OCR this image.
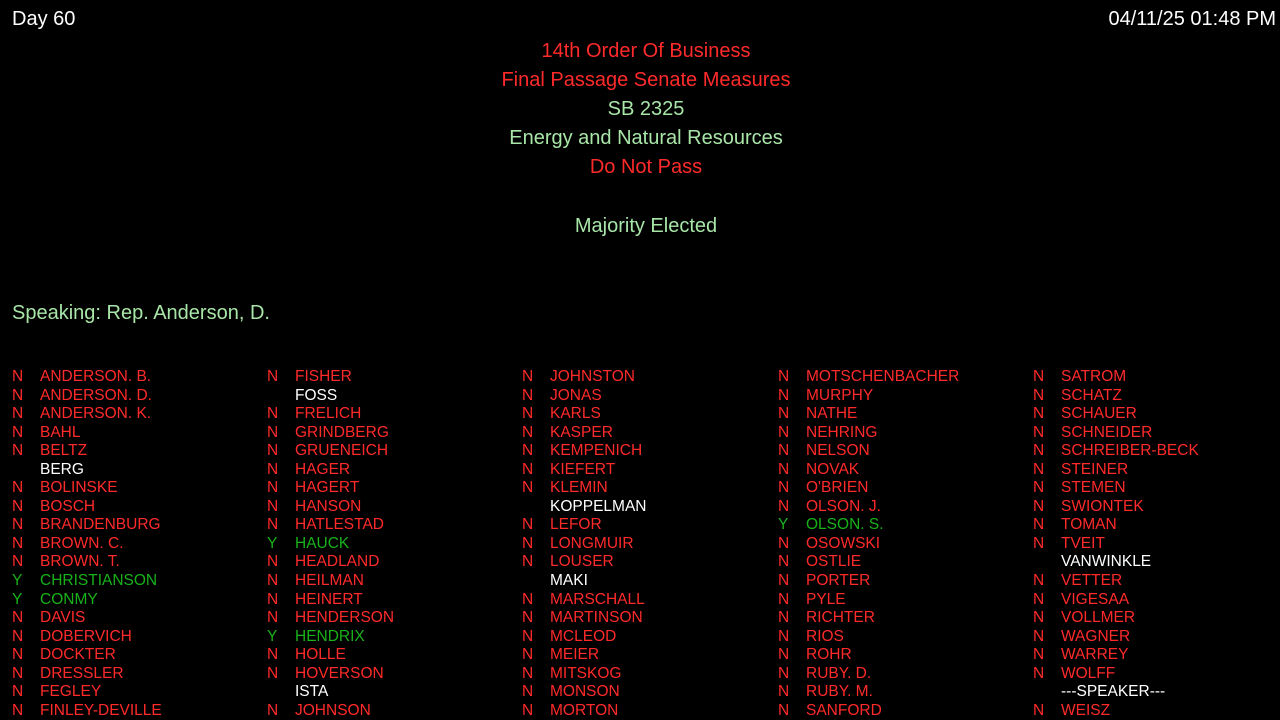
Day 60	04/11/25 01:48 PM
14th Order Of Business
Final Passage Senate Measures
SB 2325
Energy and Natural Resources
Do Not Pass
Majority Elected
Speaking: Rep. Anderson, D.
N ANDERSON. B.
N ANDERSON. D.
N ANDERSON. K.
N BAHL
N BELTZ
BERG
N BOLINSKE
N BOSCH
N BRANDENBURG
N BROWN. C.
N BROWN. T.
Y CHRISTIANSON
Y CONMY
N DAVIS
N DOBERVICH
N DOCKTER
N DRESSLER
N FEGLEY
N FINLEY-DEVILLE
N FISHER
FOSS
N FRELICH
N GRINDBERG
N GRUENEICH
N HAGER
N HAGERT
N HANSON
N HATLESTAD
Y HAUCK
N HEADLAND
N HEILMAN
N HEINERT
N HENDERSON
Y HENDRIX
N HOLLE
N HOVERSON
ISTA
N JOHNSON
N JOHNSTON
N JONAS
N KARLS
N KASPER
N KEMPENICH
N KIEFERT
N KLEMIN
KOPPELMAN
N LEFOR
N LONGMUIR
N LOUSER
MAKI
N MARSCHALL
N MARTINSON
N MCLEOD
N MEIER
N MITSKOG
N MONSON
N MORTON
N MOTSCHENBACHER
N MURPHY
N NATHE
N NEHRING
N NELSON
N NOVAK
N O'BRIEN
N OLSON. J.
Y OLSON. S.
N OSOWSKI
N OSTLIE
N PORTER
N PYLE
N RICHTER
N RIOS
N ROHR
N RUBY. D.
N RUBY. M.
N SANFORD
N SATROM
N SCHATZ
N SCHAUER
N SCHNEIDER
N SCHREIBER-BECK
N STEINER
N STEMEN
N SWIONTEK
N TOMAN
N TVEIT
VANWINKLE
N VETTER
N VIGESAA
N VOLLMER
N WAGNER
N WARREY
N WOLFF
---SPEAKER---
N WEISZ
